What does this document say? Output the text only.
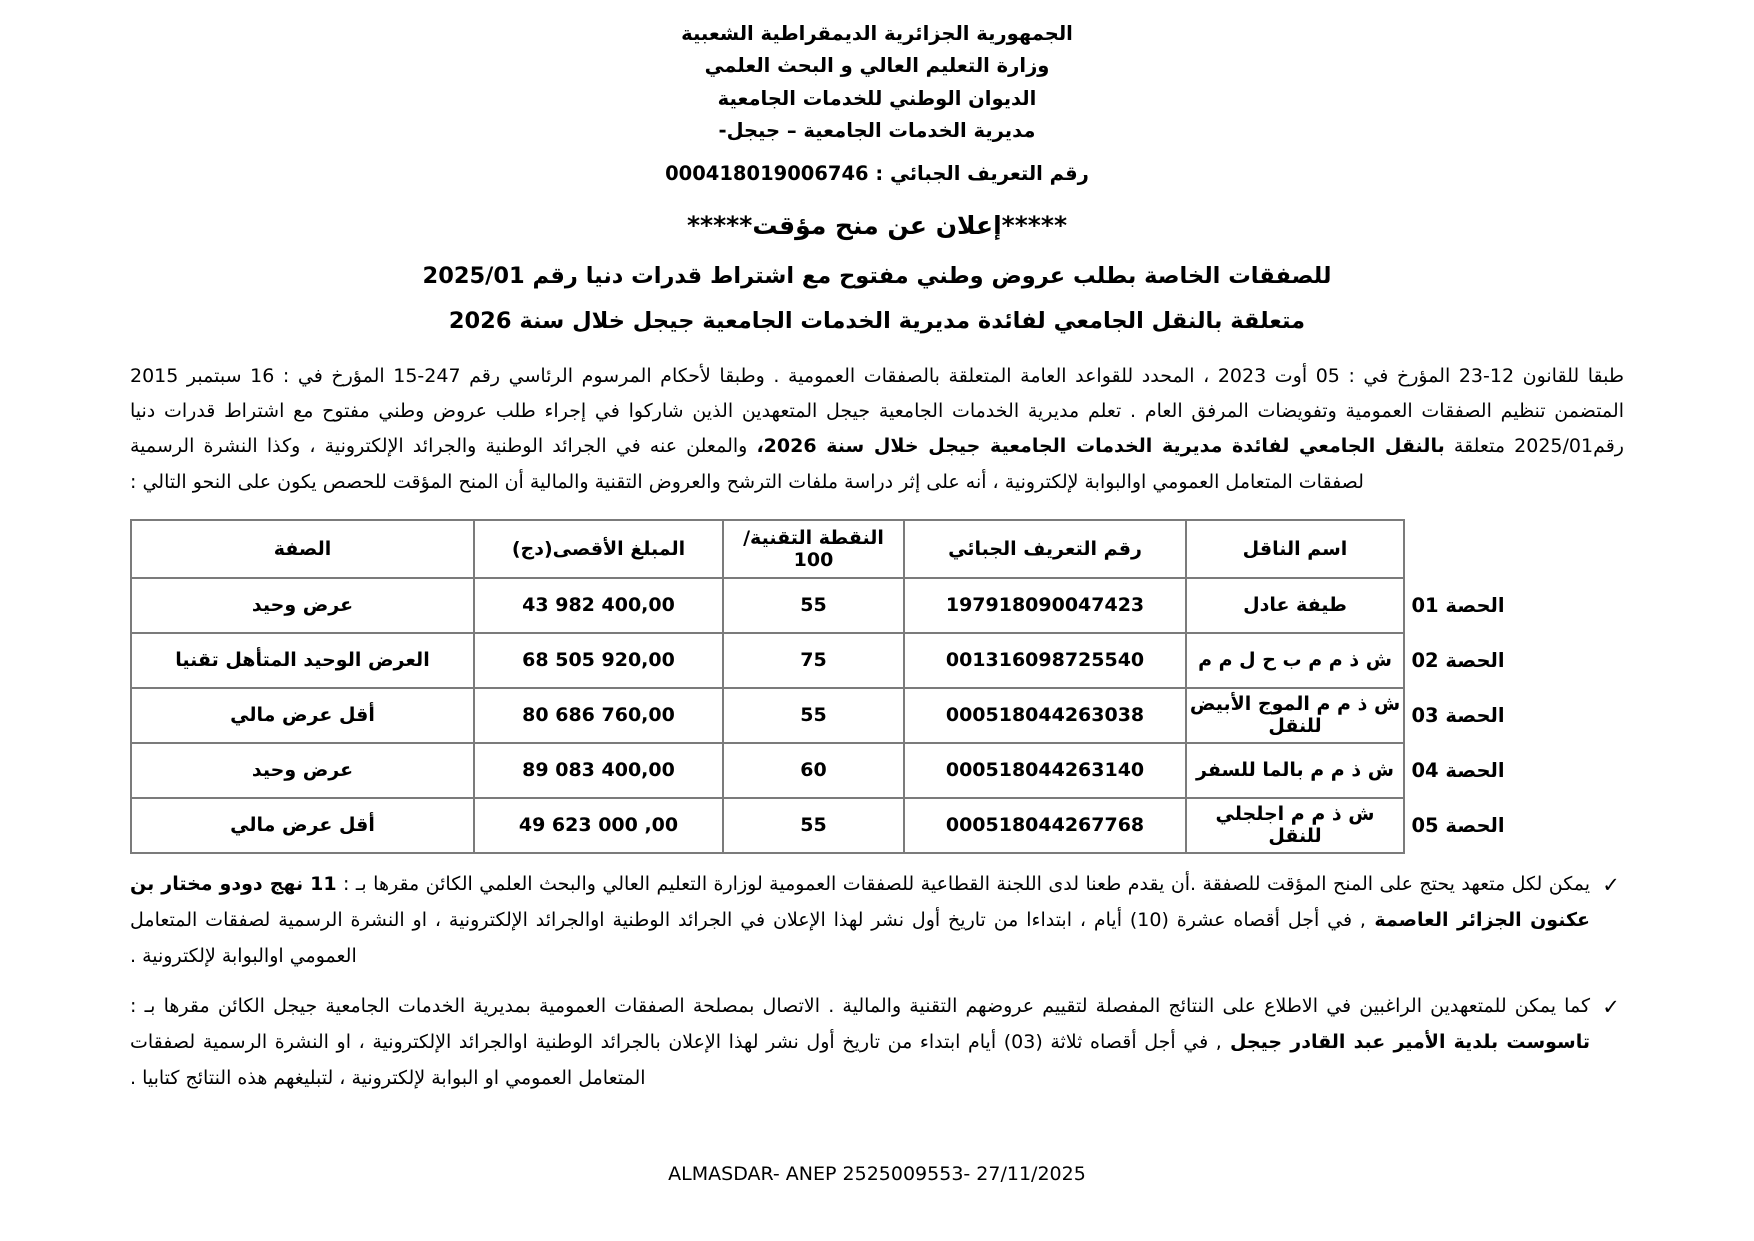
الجمهورية الجزائرية الديمقراطية الشعبية
وزارة التعليم العالي و البحث العلمي
الديوان الوطني للخدمات الجامعية
مديرية الخدمات الجامعية – جيجل-
رقم التعريف الجبائي : 000418019006746
*****إعلان عن منح مؤقت*****
للصفقات الخاصة بطلب عروض وطني مفتوح مع اشتراط قدرات دنيا رقم 2025/01
متعلقة بالنقل الجامعي لفائدة مديرية الخدمات الجامعية جيجل خلال سنة 2026

طبقا للقانون 12-23 المؤرخ في : 05 أوت 2023 ، المحدد للقواعد العامة المتعلقة بالصفقات العمومية . وطبقا لأحكام المرسوم الرئاسي رقم 247-15 المؤرخ في : 16 سبتمبر 2015 المتضمن تنظيم الصفقات العمومية وتفويضات المرفق العام . تعلم مديرية الخدمات الجامعية جيجل المتعهدين الذين شاركوا في إجراء طلب عروض وطني مفتوح مع اشتراط قدرات دنيا رقم2025/01 متعلقة بالنقل الجامعي لفائدة مديرية الخدمات الجامعية جيجل خلال سنة 2026، والمعلن عنه في الجرائد الوطنية والجرائد الإلكترونية ، وكذا النشرة الرسمية لصفقات المتعامل العمومي اوالبوابة لإلكترونية ، أنه على إثر دراسة ملفات الترشح والعروض التقنية والمالية أن المنح المؤقت للحصص يكون على النحو التالي :

	اسم الناقل	رقم التعريف الجبائي	النقطة التقنية/ 100	المبلغ الأقصى(دج)	الصفة
الحصة 01	طيفة عادل	197918090047423	55	43 982 400,00	عرض وحيد
الحصة 02	ش ذ م م ب ح ل م م	001316098725540	75	68 505 920,00	العرض الوحيد المتأهل تقنيا
الحصة 03	ش ذ م م الموج الأبيض للنقل	000518044263038	55	80 686 760,00	أقل عرض مالي
الحصة 04	ش ذ م م بالما للسفر	000518044263140	60	89 083 400,00	عرض وحيد
الحصة 05	ش ذ م م اجلجلي للنقل	000518044267768	55	49 623 000 ,00	أقل عرض مالي
✓
يمكن لكل متعهد يحتج على المنح المؤقت للصفقة .أن يقدم طعنا لدى اللجنة القطاعية للصفقات العمومية لوزارة التعليم العالي والبحث العلمي الكائن مقرها بـ : 11 نهج دودو مختار بن عكنون الجزائر العاصمة , في أجل أقصاه عشرة (10) أيام ، ابتداءا من تاريخ أول نشر لهذا الإعلان في الجرائد الوطنية اوالجرائد الإلكترونية ، او النشرة الرسمية لصفقات المتعامل العمومي اوالبوابة لإلكترونية .
✓
كما يمكن للمتعهدين الراغبين في الاطلاع على النتائج المفصلة لتقييم عروضهم التقنية والمالية . الاتصال بمصلحة الصفقات العمومية بمديرية الخدمات الجامعية جيجل الكائن مقرها بـ : تاسوست بلدية الأمير عبد القادر جيجل , في أجل أقصاه ثلاثة (03) أيام ابتداء من تاريخ أول نشر لهذا الإعلان بالجرائد الوطنية اوالجرائد الإلكترونية ، او النشرة الرسمية لصفقات المتعامل العمومي او البوابة لإلكترونية ، لتبليغهم هذه النتائج كتابيا .
ALMASDAR- ANEP 2525009553- 27/11/2025
